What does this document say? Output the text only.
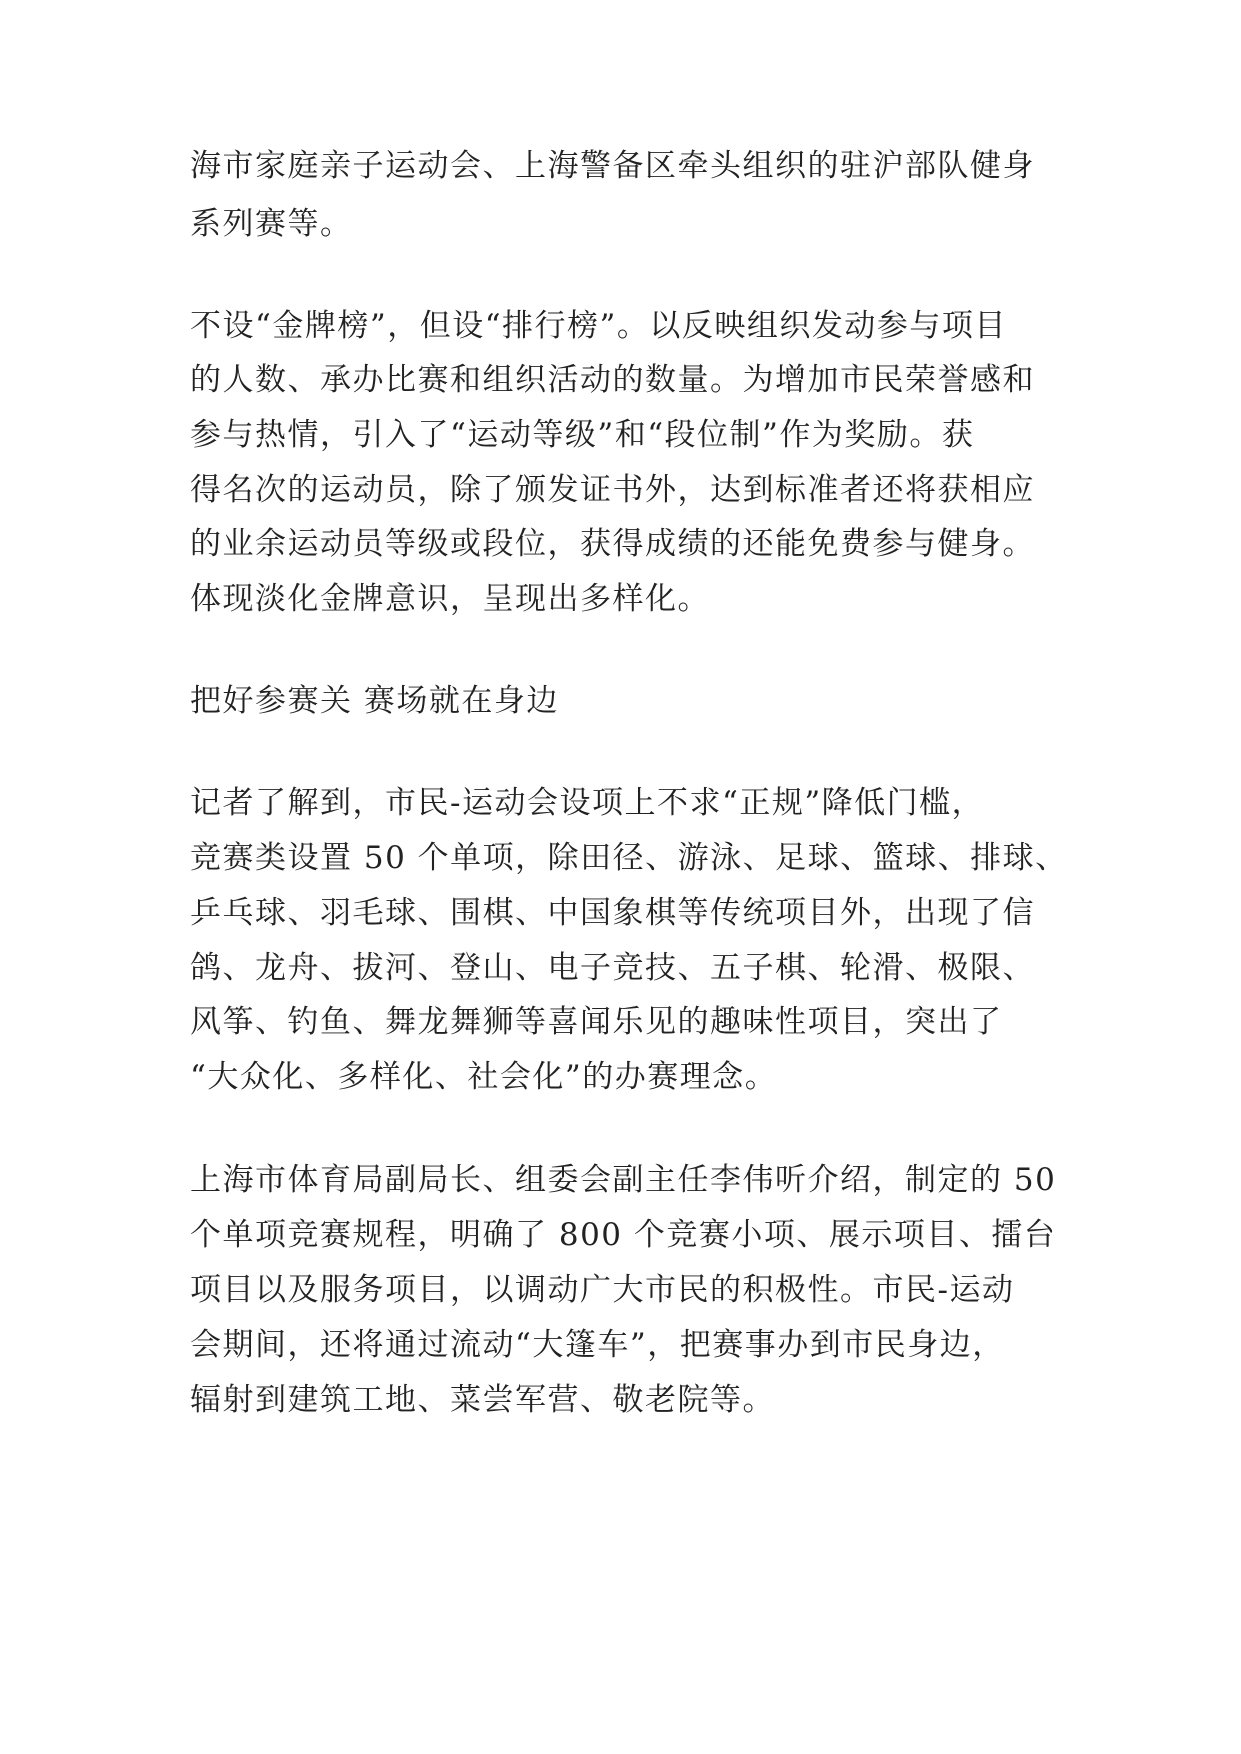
海市家庭亲子运动会、上海警备区牵头组织的驻沪部队健身
系列赛等。
不设“金牌榜”，但设“排行榜”。以反映组织发动参与项目
的人数、承办比赛和组织活动的数量。为增加市民荣誉感和
参与热情，引入了“运动等级”和“段位制”作为奖励。获
得名次的运动员，除了颁发证书外，达到标准者还将获相应
的业余运动员等级或段位，获得成绩的还能免费参与健身。
体现淡化金牌意识，呈现出多样化。
把好参赛关 赛场就在身边
记者了解到，市民-运动会设项上不求“正规”降低门槛，
竞赛类设置 50 个单项，除田径、游泳、足球、篮球、排球、
乒乓球、羽毛球、围棋、中国象棋等传统项目外，出现了信
鸽、龙舟、拔河、登山、电子竞技、五子棋、轮滑、极限、
风筝、钓鱼、舞龙舞狮等喜闻乐见的趣味性项目，突出了
“大众化、多样化、社会化”的办赛理念。
上海市体育局副局长、组委会副主任李伟听介绍，制定的 50
个单项竞赛规程，明确了 800 个竞赛小项、展示项目、擂台
项目以及服务项目，以调动广大市民的积极性。市民-运动
会期间，还将通过流动“大篷车”，把赛事办到市民身边，
辐射到建筑工地、菜尝军营、敬老院等。
